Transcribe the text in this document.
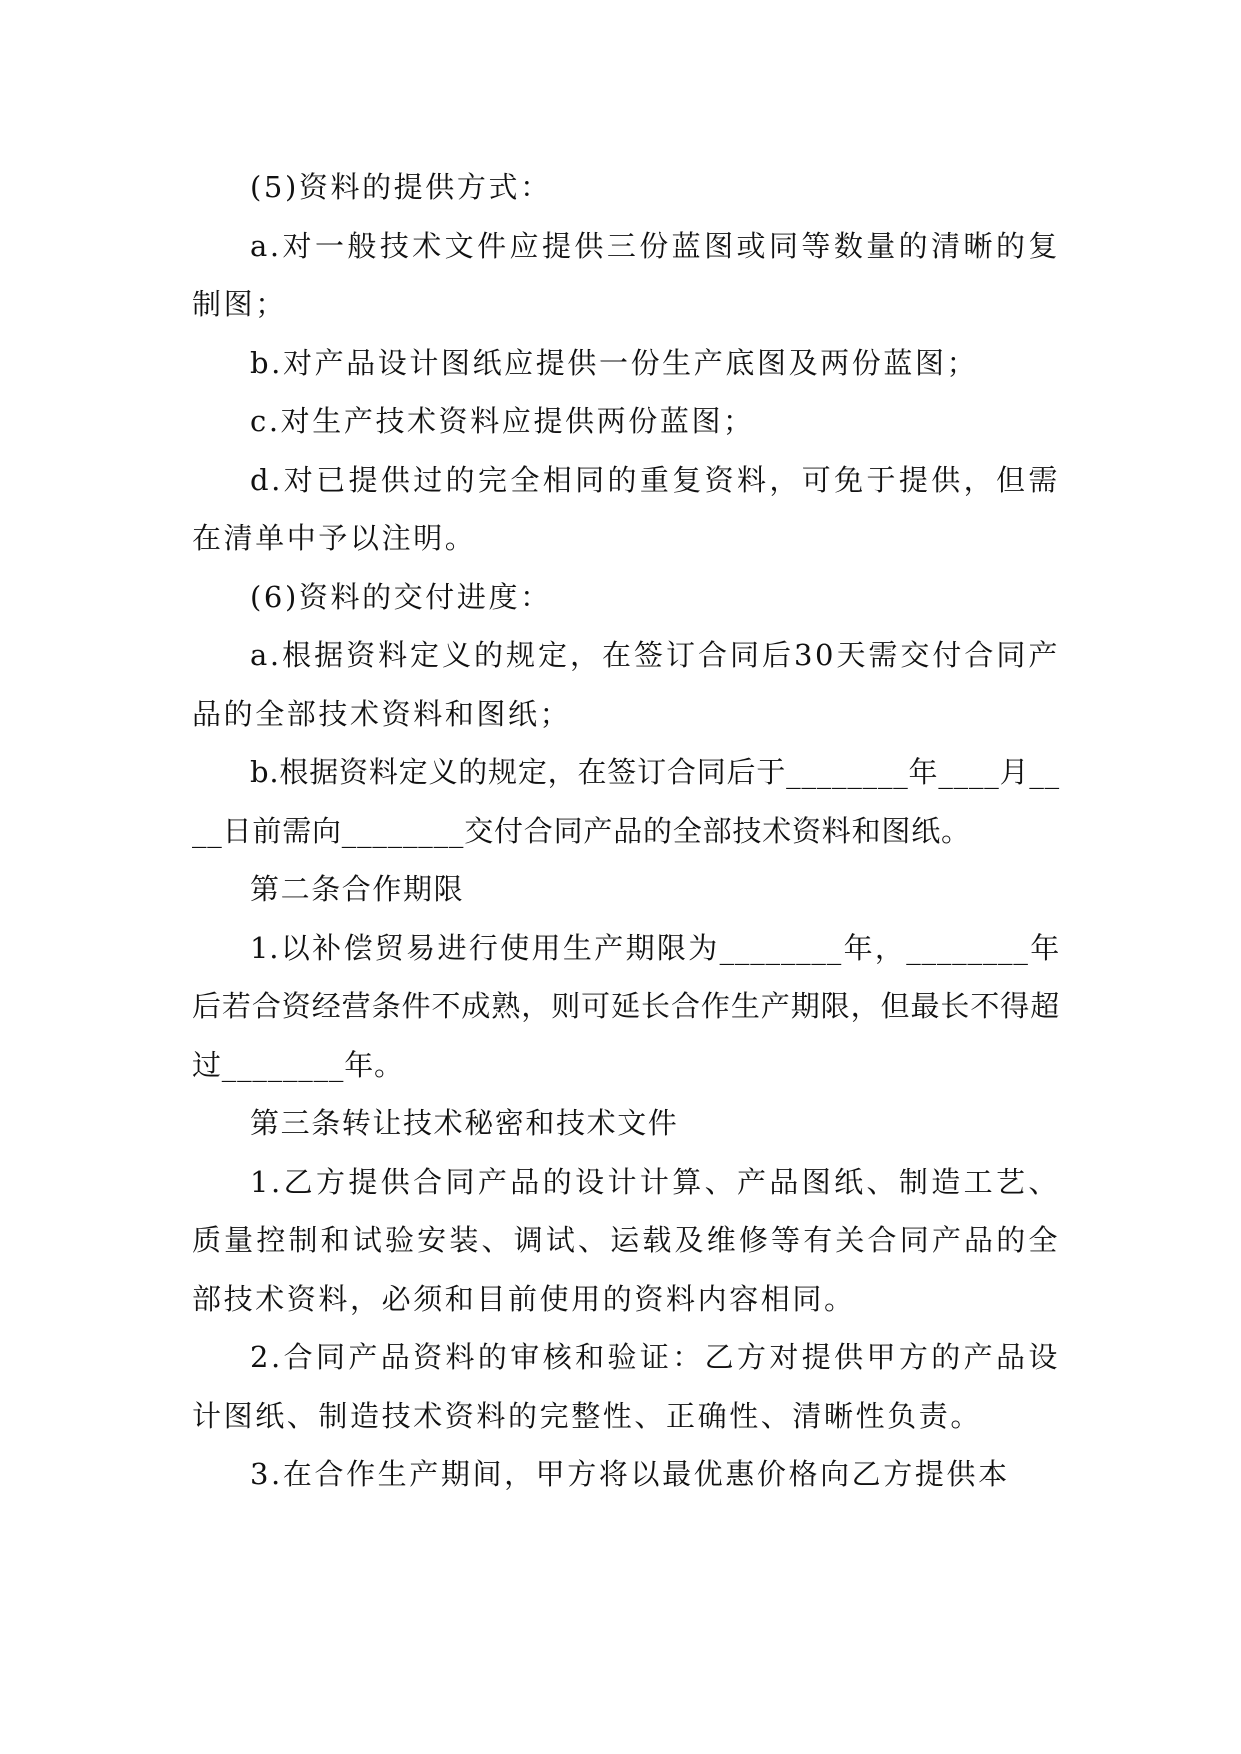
(5)资料的提供方式：

a.对一般技术文件应提供三份蓝图或同等数量的清晰的复制图；

b.对产品设计图纸应提供一份生产底图及两份蓝图；

c.对生产技术资料应提供两份蓝图；

d.对已提供过的完全相同的重复资料，可免于提供，但需在清单中予以注明。

(6)资料的交付进度：

a.根据资料定义的规定，在签订合同后30天需交付合同产品的全部技术资料和图纸；

b.根据资料定义的规定，在签订合同后于________年____月____日前需向________交付合同产品的全部技术资料和图纸。

第二条合作期限

1.以补偿贸易进行使用生产期限为________年，________年后若合资经营条件不成熟，则可延长合作生产期限，但最长不得超过________年。

第三条转让技术秘密和技术文件

1.乙方提供合同产品的设计计算、产品图纸、制造工艺、质量控制和试验安装、调试、运载及维修等有关合同产品的全部技术资料，必须和目前使用的资料内容相同。

2.合同产品资料的审核和验证：乙方对提供甲方的产品设计图纸、制造技术资料的完整性、正确性、清晰性负责。

3.在合作生产期间，甲方将以最优惠价格向乙方提供本
